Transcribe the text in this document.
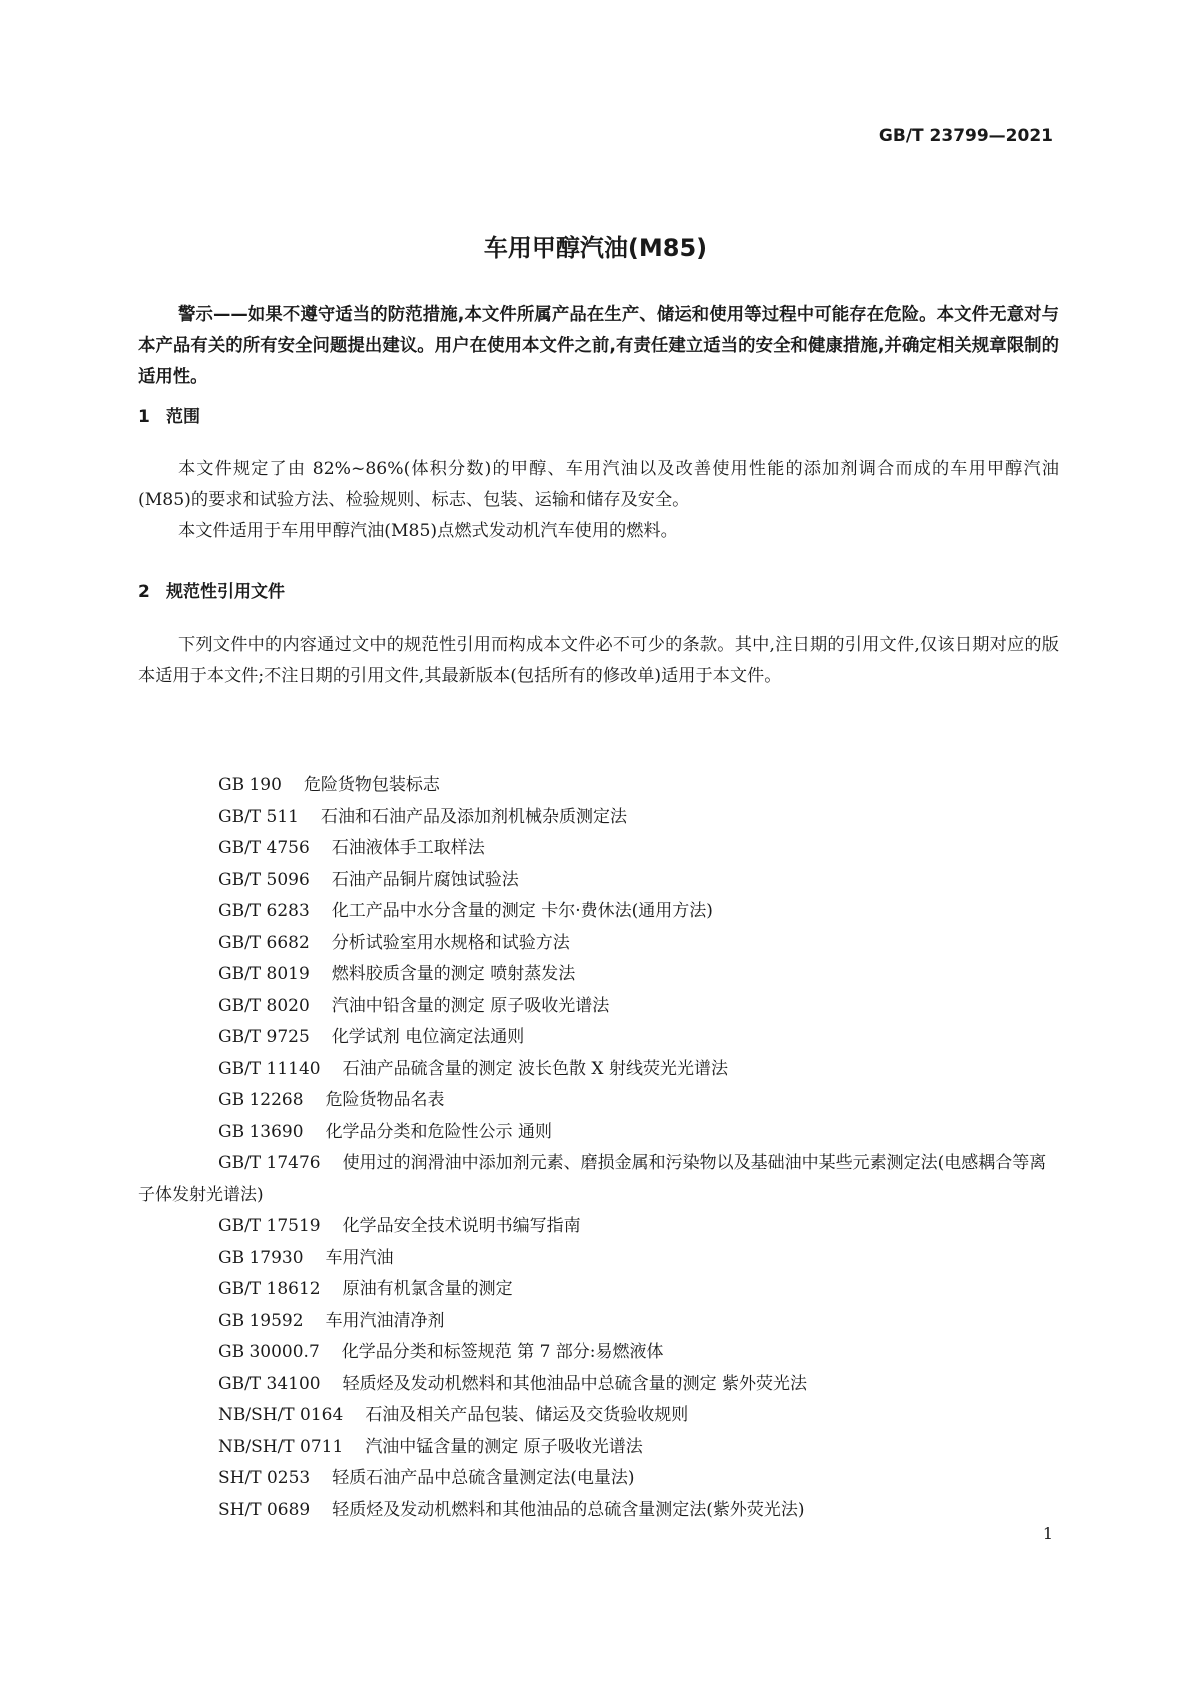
GB/T 23799—2021
车用甲醇汽油(M85)

警示——如果不遵守适当的防范措施,本文件所属产品在生产、储运和使用等过程中可能存在危险。本文件无意对与本产品有关的所有安全问题提出建议。用户在使用本文件之前,有责任建立适当的安全和健康措施,并确定相关规章限制的适用性。

1 范围

本文件规定了由 82%~86%(体积分数)的甲醇、车用汽油以及改善使用性能的添加剂调合而成的车用甲醇汽油(M85)的要求和试验方法、检验规则、标志、包装、运输和储存及安全。

本文件适用于车用甲醇汽油(M85)点燃式发动机汽车使用的燃料。

2 规范性引用文件

下列文件中的内容通过文中的规范性引用而构成本文件必不可少的条款。其中,注日期的引用文件,仅该日期对应的版本适用于本文件;不注日期的引用文件,其最新版本(包括所有的修改单)适用于本文件。

GB 190 危险货物包装标志
GB/T 511 石油和石油产品及添加剂机械杂质测定法
GB/T 4756 石油液体手工取样法
GB/T 5096 石油产品铜片腐蚀试验法
GB/T 6283 化工产品中水分含量的测定 卡尔·费休法(通用方法)
GB/T 6682 分析试验室用水规格和试验方法
GB/T 8019 燃料胶质含量的测定 喷射蒸发法
GB/T 8020 汽油中铅含量的测定 原子吸收光谱法
GB/T 9725 化学试剂 电位滴定法通则
GB/T 11140 石油产品硫含量的测定 波长色散 X 射线荧光光谱法
GB 12268 危险货物品名表
GB 13690 化学品分类和危险性公示 通则
GB/T 17476 使用过的润滑油中添加剂元素、磨损金属和污染物以及基础油中某些元素测定法(电感耦合等离子体发射光谱法)
GB/T 17519 化学品安全技术说明书编写指南
GB 17930 车用汽油
GB/T 18612 原油有机氯含量的测定
GB 19592 车用汽油清净剂
GB 30000.7 化学品分类和标签规范 第 7 部分:易燃液体
GB/T 34100 轻质烃及发动机燃料和其他油品中总硫含量的测定 紫外荧光法
NB/SH/T 0164 石油及相关产品包装、储运及交货验收规则
NB/SH/T 0711 汽油中锰含量的测定 原子吸收光谱法
SH/T 0253 轻质石油产品中总硫含量测定法(电量法)
SH/T 0689 轻质烃及发动机燃料和其他油品的总硫含量测定法(紫外荧光法)
1
